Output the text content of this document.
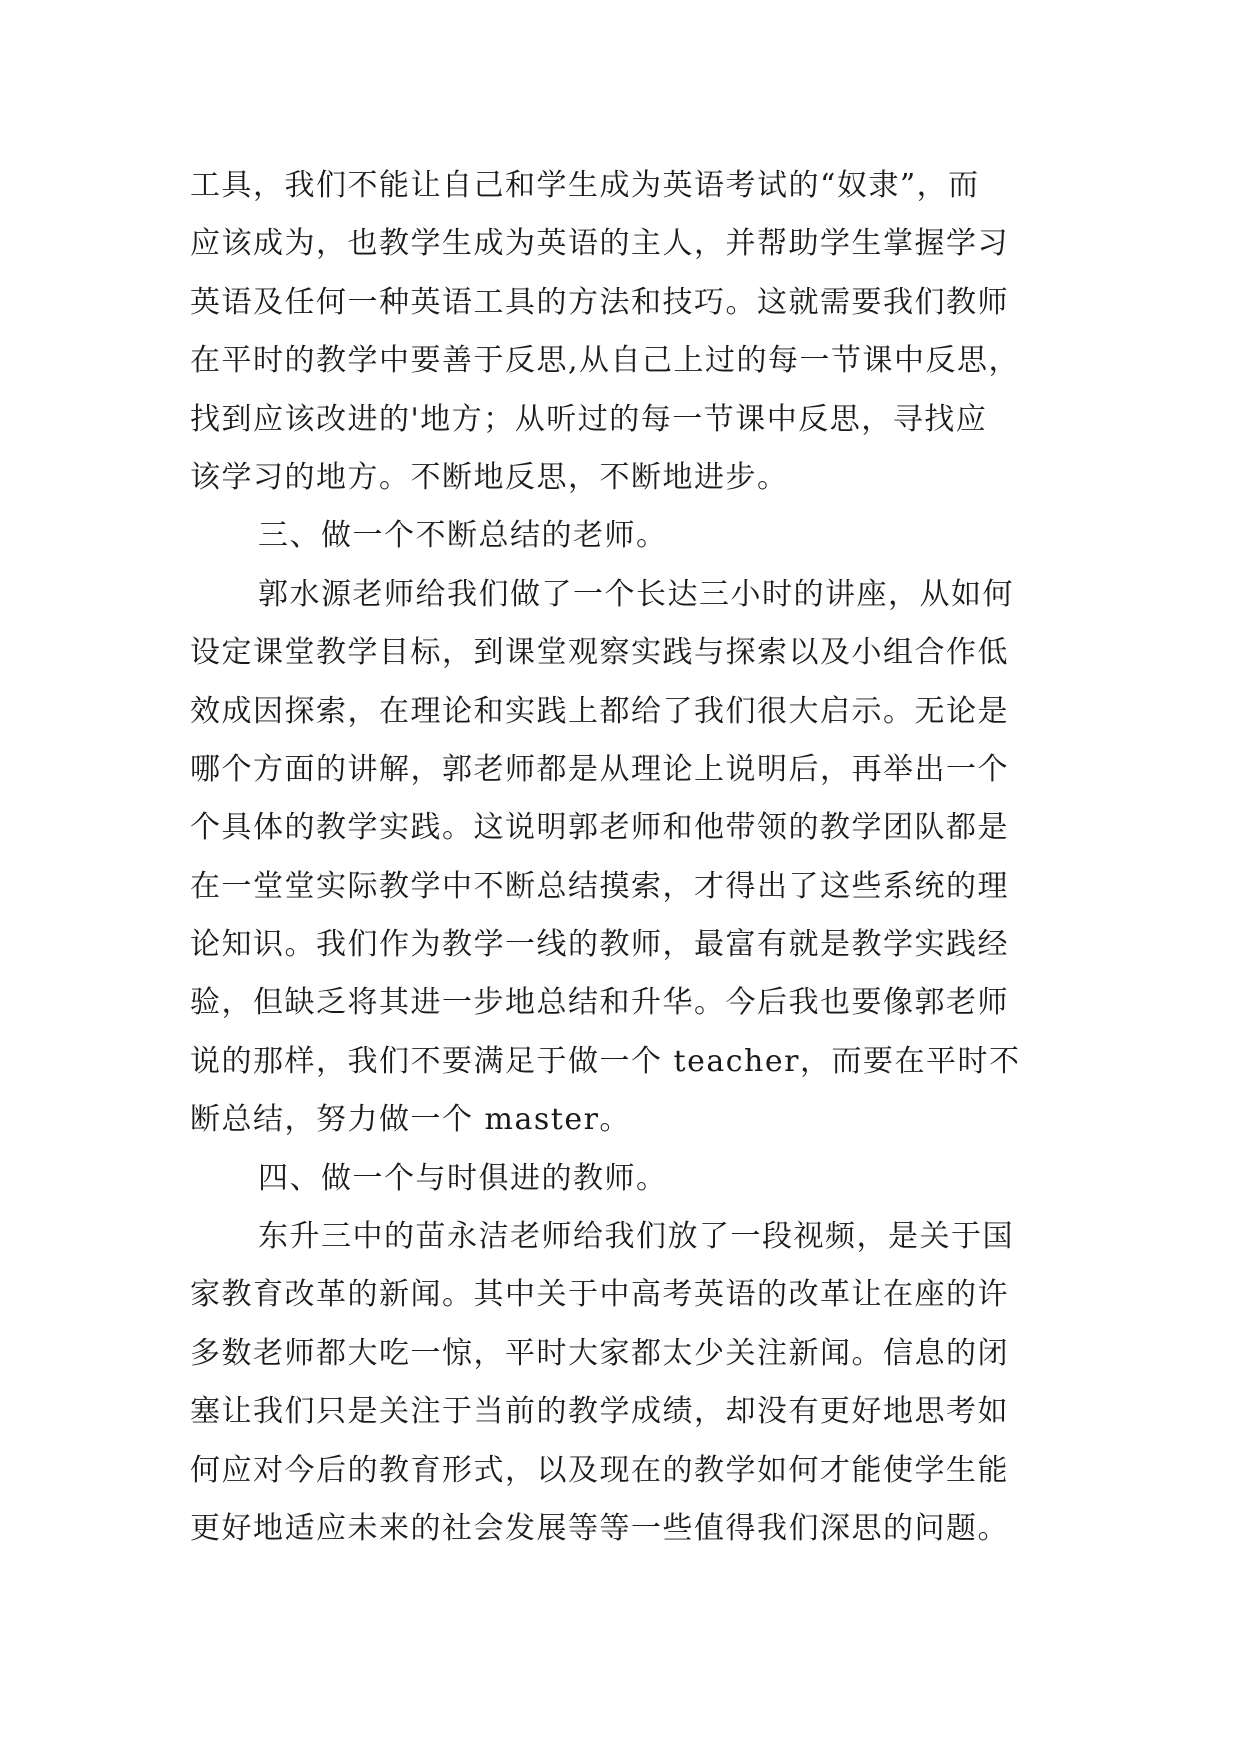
工具，我们不能让自己和学生成为英语考试的“奴隶”，而
应该成为，也教学生成为英语的主人，并帮助学生掌握学习
英语及任何一种英语工具的方法和技巧。这就需要我们教师
在平时的教学中要善于反思,从自己上过的每一节课中反思，
找到应该改进的'地方；从听过的每一节课中反思，寻找应
该学习的地方。不断地反思，不断地进步。
三、做一个不断总结的老师。
郭水源老师给我们做了一个长达三小时的讲座，从如何
设定课堂教学目标，到课堂观察实践与探索以及小组合作低
效成因探索，在理论和实践上都给了我们很大启示。无论是
哪个方面的讲解，郭老师都是从理论上说明后，再举出一个
个具体的教学实践。这说明郭老师和他带领的教学团队都是
在一堂堂实际教学中不断总结摸索，才得出了这些系统的理
论知识。我们作为教学一线的教师，最富有就是教学实践经
验，但缺乏将其进一步地总结和升华。今后我也要像郭老师
说的那样，我们不要满足于做一个 teacher，而要在平时不
断总结，努力做一个 master。
四、做一个与时俱进的教师。
东升三中的苗永洁老师给我们放了一段视频，是关于国
家教育改革的新闻。其中关于中高考英语的改革让在座的许
多数老师都大吃一惊，平时大家都太少关注新闻。信息的闭
塞让我们只是关注于当前的教学成绩，却没有更好地思考如
何应对今后的教育形式，以及现在的教学如何才能使学生能
更好地适应未来的社会发展等等一些值得我们深思的问题。
